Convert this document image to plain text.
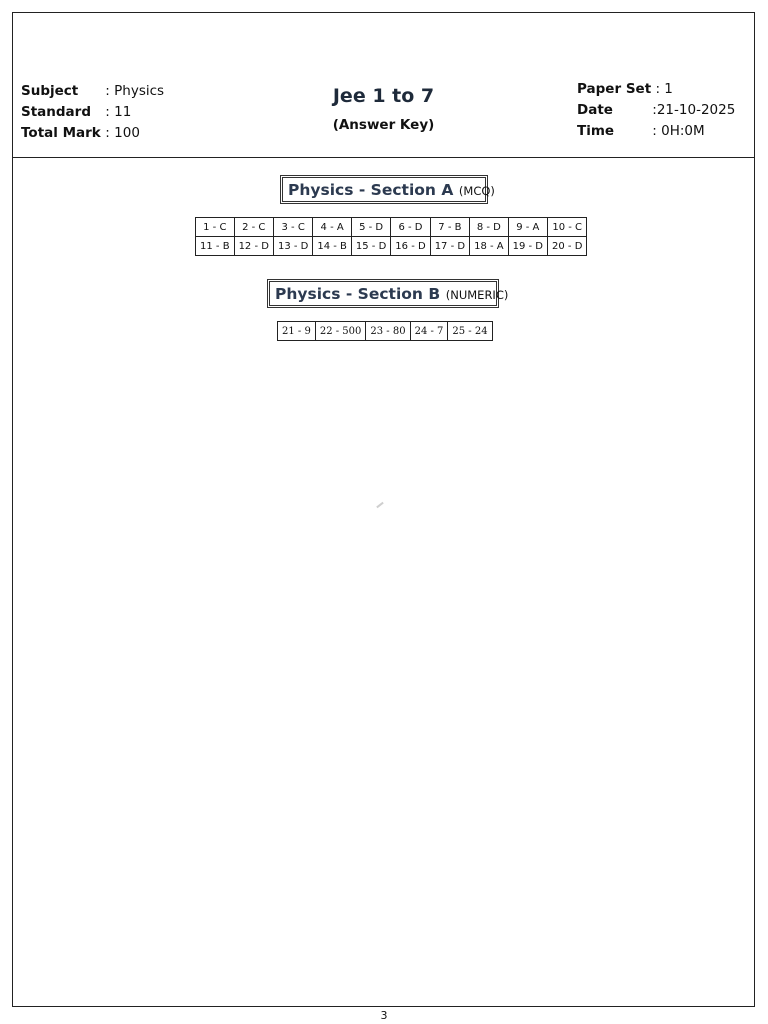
Subject : Physics
Standard : 11
Total Mark : 100
Jee 1 to 7
(Answer Key)
Paper Set : 1
Date	:21-10-2025
Time	: 0H:0M
Physics - Section A (MCQ)
1 - C	2 - C	3 - C	4 - A	5 - D	6 - D	7 - B	8 - D	9 - A	10 - C
11 - B	12 - D	13 - D	14 - B	15 - D	16 - D	17 - D	18 - A	19 - D	20 - D
Physics - Section B (NUMERIC)
21 - 9	22 - 500	23 - 80	24 - 7	25 - 24
3
